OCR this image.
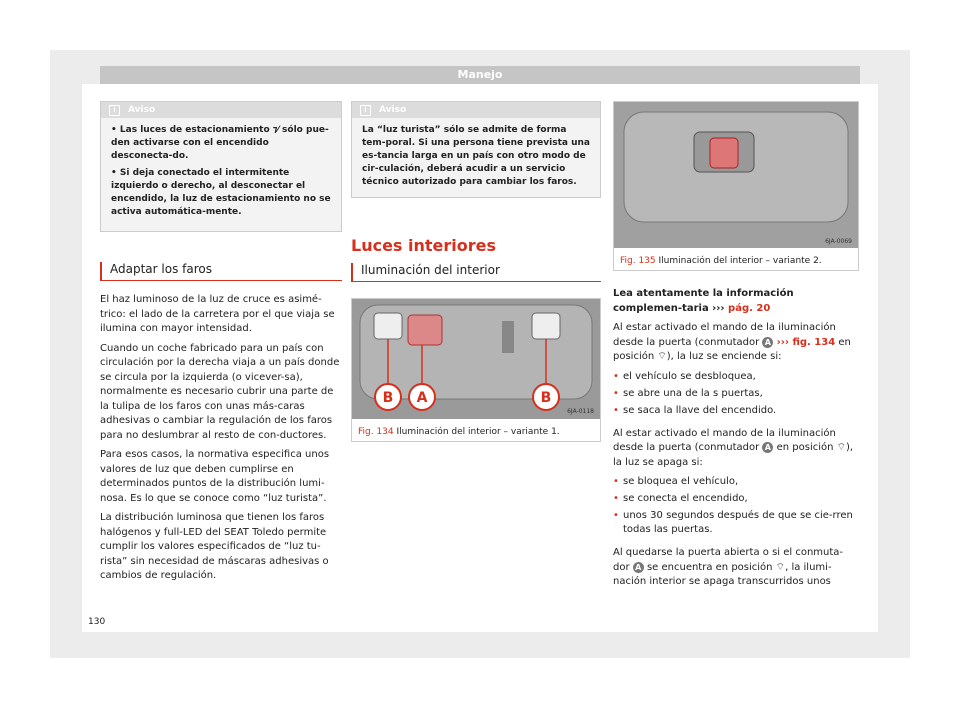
Manejo
i Aviso

• Las luces de estacionamiento ⁊⁄ sólo pue-den activarse con el encendido desconecta-do.

• Si deja conectado el intermitente izquierdo o derecho, al desconectar el encendido, la luz de estacionamiento no se activa automática-mente.

Adaptar los faros

El haz luminoso de la luz de cruce es asimé-trico: el lado de la carretera por el que viaja se ilumina con mayor intensidad.

Cuando un coche fabricado para un país con circulación por la derecha viaja a un país donde se circula por la izquierda (o vicever-sa), normalmente es necesario cubrir una parte de la tulipa de los faros con unas más-caras adhesivas o cambiar la regulación de los faros para no deslumbrar al resto de con-ductores.

Para esos casos, la normativa especifica unos valores de luz que deben cumplirse en determinados puntos de la distribución lumi-nosa. Es lo que se conoce como “luz turista”.

La distribución luminosa que tienen los faros halógenos y full-LED del SEAT Toledo permite cumplir los valores especificados de “luz tu-rista” sin necesidad de máscaras adhesivas o cambios de regulación.

i Aviso
La “luz turista” sólo se admite de forma tem-poral. Si una persona tiene prevista una es-tancia larga en un país con otro modo de cir-culación, deberá acudir a un servicio técnico autorizado para cambiar los faros.
Luces interiores
Iluminación del interior
B A	B
6JA-0118
Fig. 134 Iluminación del interior – variante 1.
6JA-0069
Fig. 135 Iluminación del interior – variante 2.

Lea atentamente la información complemen-taria ››› pág. 20

Al estar activado el mando de la iluminación desde la puerta (conmutador A ››› fig. 134 en posición ⌔), la luz se enciende si:

• el vehículo se desbloquea,
• se abre una de la s puertas,
• se saca la llave del encendido.

Al estar activado el mando de la iluminación desde la puerta (conmutador A en posición ⌔), la luz se apaga si:

• se bloquea el vehículo,
• se conecta el encendido,
• unos 30 segundos después de que se cie-rren todas las puertas.

Al quedarse la puerta abierta o si el conmuta-dor A se encuentra en posición ⌔, la ilumi-nación interior se apaga transcurridos unos

130
